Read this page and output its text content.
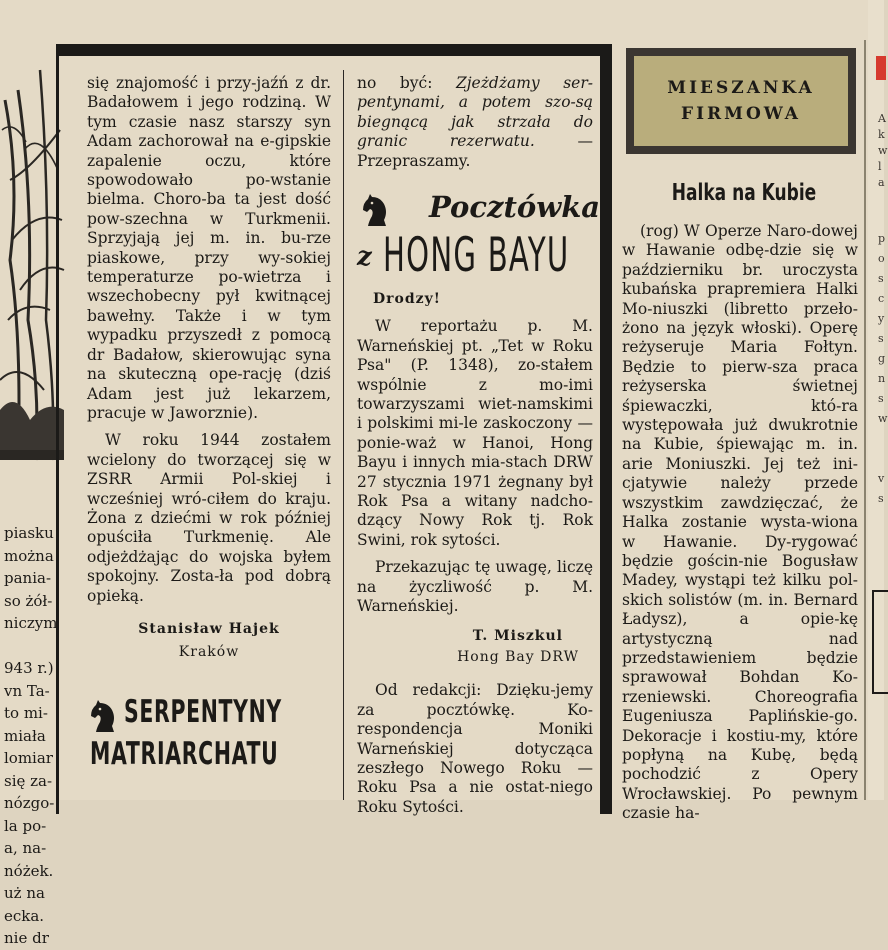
piasku
można
pania-
so żół-
niczym

943 r.)
vn Ta-
to mi-
miała
lomiar
się za-
nózgo-
la po-
a, na-
nóżek.
uż na
ecka.
nie dr

się znajomość i przy-jaźń z dr. Badałowem i jego rodziną. W tym czasie nasz starszy syn Adam zachorował na e-gipskie zapalenie oczu, które spowodowało po-wstanie bielma. Choro-ba ta jest dość pow-szechna w Turkmenii. Sprzyjają jej m. in. bu-rze piaskowe, przy wy-sokiej temperaturze po-wietrza i wszechobecny pył kwitnącej bawełny. Także i w tym wypadku przyszedł z pomocą dr Badałow, skierowując syna na skuteczną ope-rację (dziś Adam jest już lekarzem, pracuje w Jaworznie).

W roku 1944 zostałem wcielony do tworzącej się w ZSRR Armii Pol-skiej i wcześniej wró-ciłem do kraju. Żona z dziećmi w rok później opuściła Turkmenię. Ale odjeżdżając do wojska byłem spokojny. Zosta-ła pod dobrą opieką.

Stanisław Hajek
Kraków
SERPENTYNY
MATRIARCHATU

no być: Zjeżdżamy ser-pentynami, a potem szo-są biegnącą jak strzała do granic rezerwatu. — Przepraszamy.

Pocztówka
z HONG BAYU

Drodzy!

W reportażu p. M. Warneńskiej pt. „Tet w Roku Psa" (P. 1348), zo-stałem wspólnie z mo-imi towarzyszami wiet-namskimi i polskimi mi-le zaskoczony — ponie-waż w Hanoi, Hong Bayu i innych mia-stach DRW 27 stycznia 1971 żegnany był Rok Psa a witany nadcho-dzący Nowy Rok tj. Rok Swini, rok sytości.

Przekazując tę uwagę, liczę na życzliwość p. M. Warneńskiej.

T. Miszkul
Hong Bay DRW

Od redakcji: Dzięku-jemy za pocztówkę. Ko-respondencja Moniki Warneńskiej dotycząca zeszłego Nowego Roku — Roku Psa a nie ostat-niego Roku Sytości.

MIESZANKA
FIRMOWA
Halka na Kubie

(rog) W Operze Naro-dowej w Hawanie odbę-dzie się w październiku br. uroczysta kubańska prapremiera Halki Mo-niuszki (libretto przeło-żono na język włoski). Operę reżyseruje Maria Fołtyn. Będzie to pierw-sza praca reżyserska świetnej śpiewaczki, któ-ra występowała już dwukrotnie na Kubie, śpiewając m. in. arie Moniuszki. Jej też ini-cjatywie należy przede wszystkim zawdzięczać, że Halka zostanie wysta-wiona w Hawanie. Dy-rygować będzie gościn-nie Bogusław Madey, wystąpi też kilku pol-skich solistów (m. in. Bernard Ładysz), a opie-kę artystyczną nad przedstawieniem będzie sprawował Bohdan Ko-rzeniewski. Choreografia Eugeniusza Paplińskie-go. Dekoracje i kostiu-my, które popłyną na Kubę, będą pochodzić z Opery Wrocławskiej. Po pewnym czasie ha-

A
k
w
l
a
p
o
s
c
y
s
g
n
s
w
v
s
